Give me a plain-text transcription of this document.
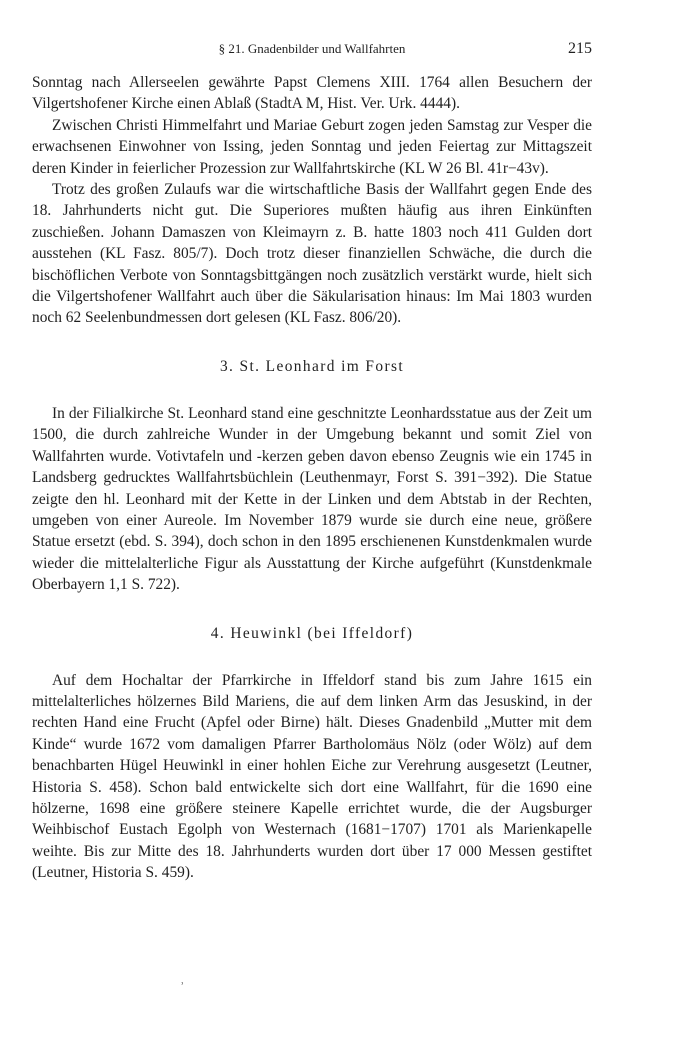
§ 21. Gnadenbilder und Wallfahrten	215

Sonntag nach Allerseelen gewährte Papst Clemens XIII. 1764 allen Besuchern der Vilgertshofener Kirche einen Ablaß (StadtA M, Hist. Ver. Urk. 4444).

Zwischen Christi Himmelfahrt und Mariae Geburt zogen jeden Samstag zur Vesper die erwachsenen Einwohner von Issing, jeden Sonntag und jeden Feiertag zur Mittagszeit deren Kinder in feierlicher Prozession zur Wallfahrtskirche (KL W 26 Bl. 41r−43v).

Trotz des großen Zulaufs war die wirtschaftliche Basis der Wallfahrt gegen Ende des 18. Jahrhunderts nicht gut. Die Superiores mußten häufig aus ihren Einkünften zuschießen. Johann Damaszen von Kleimayrn z. B. hatte 1803 noch 411 Gulden dort ausstehen (KL Fasz. 805/7). Doch trotz dieser finanziellen Schwäche, die durch die bischöflichen Verbote von Sonntagsbittgängen noch zusätzlich verstärkt wurde, hielt sich die Vilgertshofener Wallfahrt auch über die Säkularisation hinaus: Im Mai 1803 wurden noch 62 Seelenbundmessen dort gelesen (KL Fasz. 806/20).

3. St. Leonhard im Forst

In der Filialkirche St. Leonhard stand eine geschnitzte Leonhardsstatue aus der Zeit um 1500, die durch zahlreiche Wunder in der Umgebung bekannt und somit Ziel von Wallfahrten wurde. Votivtafeln und -kerzen geben davon ebenso Zeugnis wie ein 1745 in Landsberg gedrucktes Wallfahrtsbüchlein (Leuthenmayr, Forst S. 391−392). Die Statue zeigte den hl. Leonhard mit der Kette in der Linken und dem Abtstab in der Rechten, umgeben von einer Aureole. Im November 1879 wurde sie durch eine neue, größere Statue ersetzt (ebd. S. 394), doch schon in den 1895 erschienenen Kunstdenkmalen wurde wieder die mittelalterliche Figur als Ausstattung der Kirche aufgeführt (Kunstdenkmale Oberbayern 1,1 S. 722).

4. Heuwinkl (bei Iffeldorf)

Auf dem Hochaltar der Pfarrkirche in Iffeldorf stand bis zum Jahre 1615 ein mittelalterliches hölzernes Bild Mariens, die auf dem linken Arm das Jesuskind, in der rechten Hand eine Frucht (Apfel oder Birne) hält. Dieses Gnadenbild „Mutter mit dem Kinde“ wurde 1672 vom damaligen Pfarrer Bartholomäus Nölz (oder Wölz) auf dem benachbarten Hügel Heuwinkl in einer hohlen Eiche zur Verehrung ausgesetzt (Leutner, Historia S. 458). Schon bald entwickelte sich dort eine Wallfahrt, für die 1690 eine hölzerne, 1698 eine größere steinere Kapelle errichtet wurde, die der Augsburger Weihbischof Eustach Egolph von Westernach (1681−1707) 1701 als Marienkapelle weihte. Bis zur Mitte des 18. Jahrhunderts wurden dort über 17 000 Messen gestiftet (Leutner, Historia S. 459).

˒
